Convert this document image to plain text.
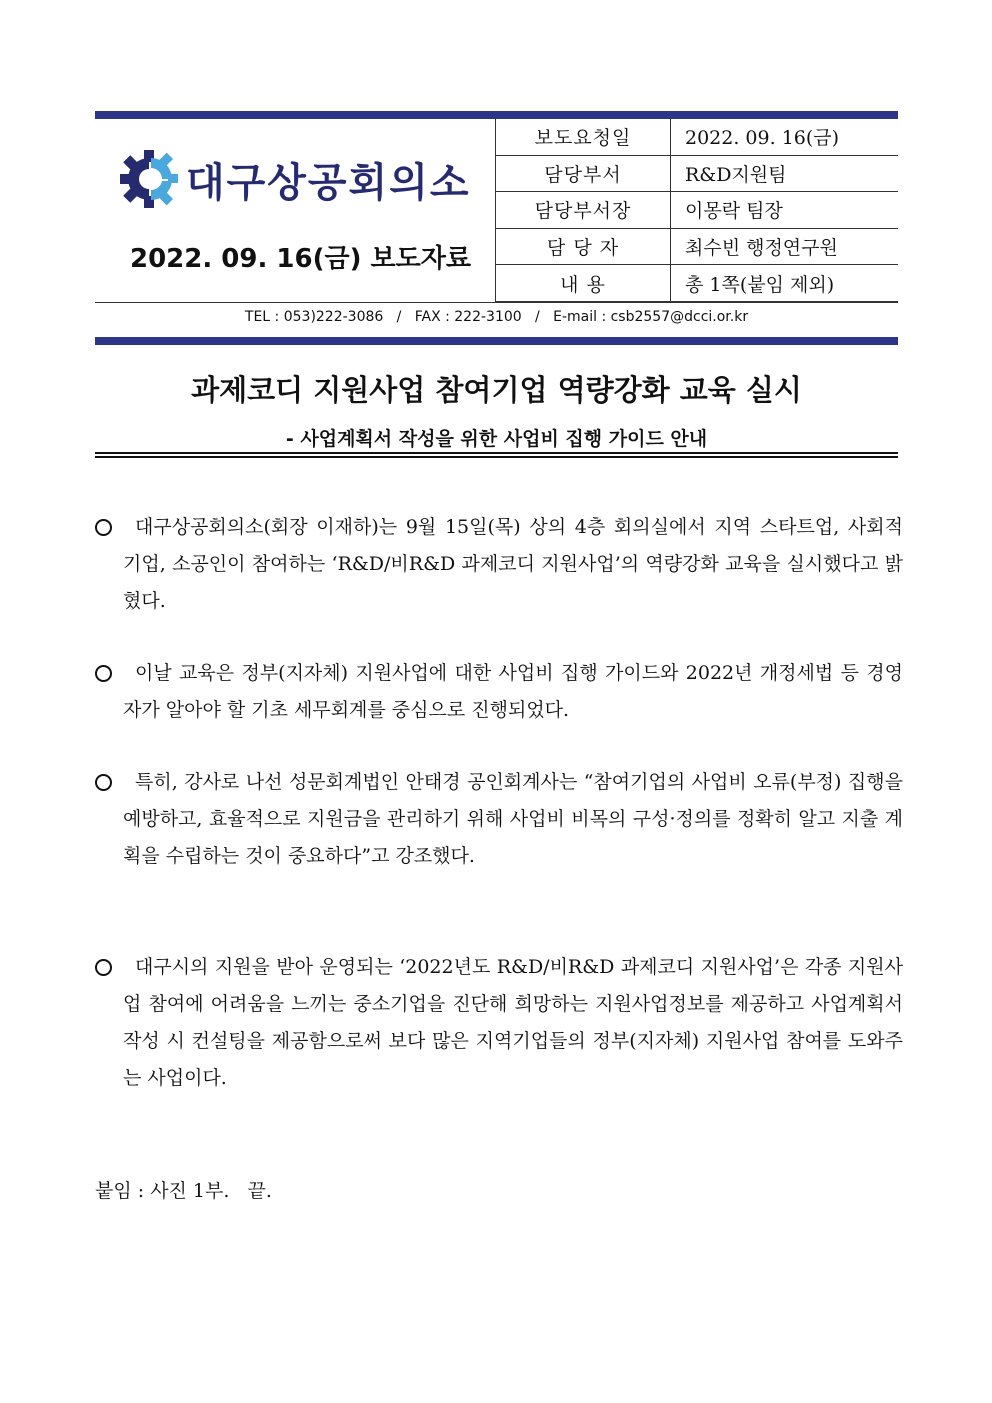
대구상공회의소
2022. 09. 16(금) 보도자료
보도요청일	2022. 09. 16(금)
담당부서	R&D지원팀
담당부서장	이몽락 팀장
담 당 자	최수빈 행정연구원
내 용	총 1쪽(붙임 제외)
TEL : 053)222-3086   /   FAX : 222-3100   /   E-mail : csb2557@dcci.or.kr
과제코디 지원사업 참여기업 역량강화 교육 실시
- 사업계획서 작성을 위한 사업비 집행 가이드 안내
대구상공회의소(회장 이재하)는 9월 15일(목) 상의 4층 회의실에서 지역 스타트업, 사회적 기업, 소공인이 참여하는 ‘R&D/비R&D 과제코디 지원사업’의 역량강화 교육을 실시했다고 밝혔다.
이날 교육은 정부(지자체) 지원사업에 대한 사업비 집행 가이드와 2022년 개정세법 등 경영자가 알아야 할 기초 세무회계를 중심으로 진행되었다.
특히, 강사로 나선 성문회계법인 안태경 공인회계사는 “참여기업의 사업비 오류(부정) 집행을 예방하고, 효율적으로 지원금을 관리하기 위해 사업비 비목의 구성·정의를 정확히 알고 지출 계획을 수립하는 것이 중요하다”고 강조했다.
대구시의 지원을 받아 운영되는 ‘2022년도 R&D/비R&D 과제코디 지원사업’은 각종 지원사업 참여에 어려움을 느끼는 중소기업을 진단해 희망하는 지원사업정보를 제공하고 사업계획서 작성 시 컨설팅을 제공함으로써 보다 많은 지역기업들의 정부(지자체) 지원사업 참여를 도와주는 사업이다.
붙임 : 사진 1부.   끝.
